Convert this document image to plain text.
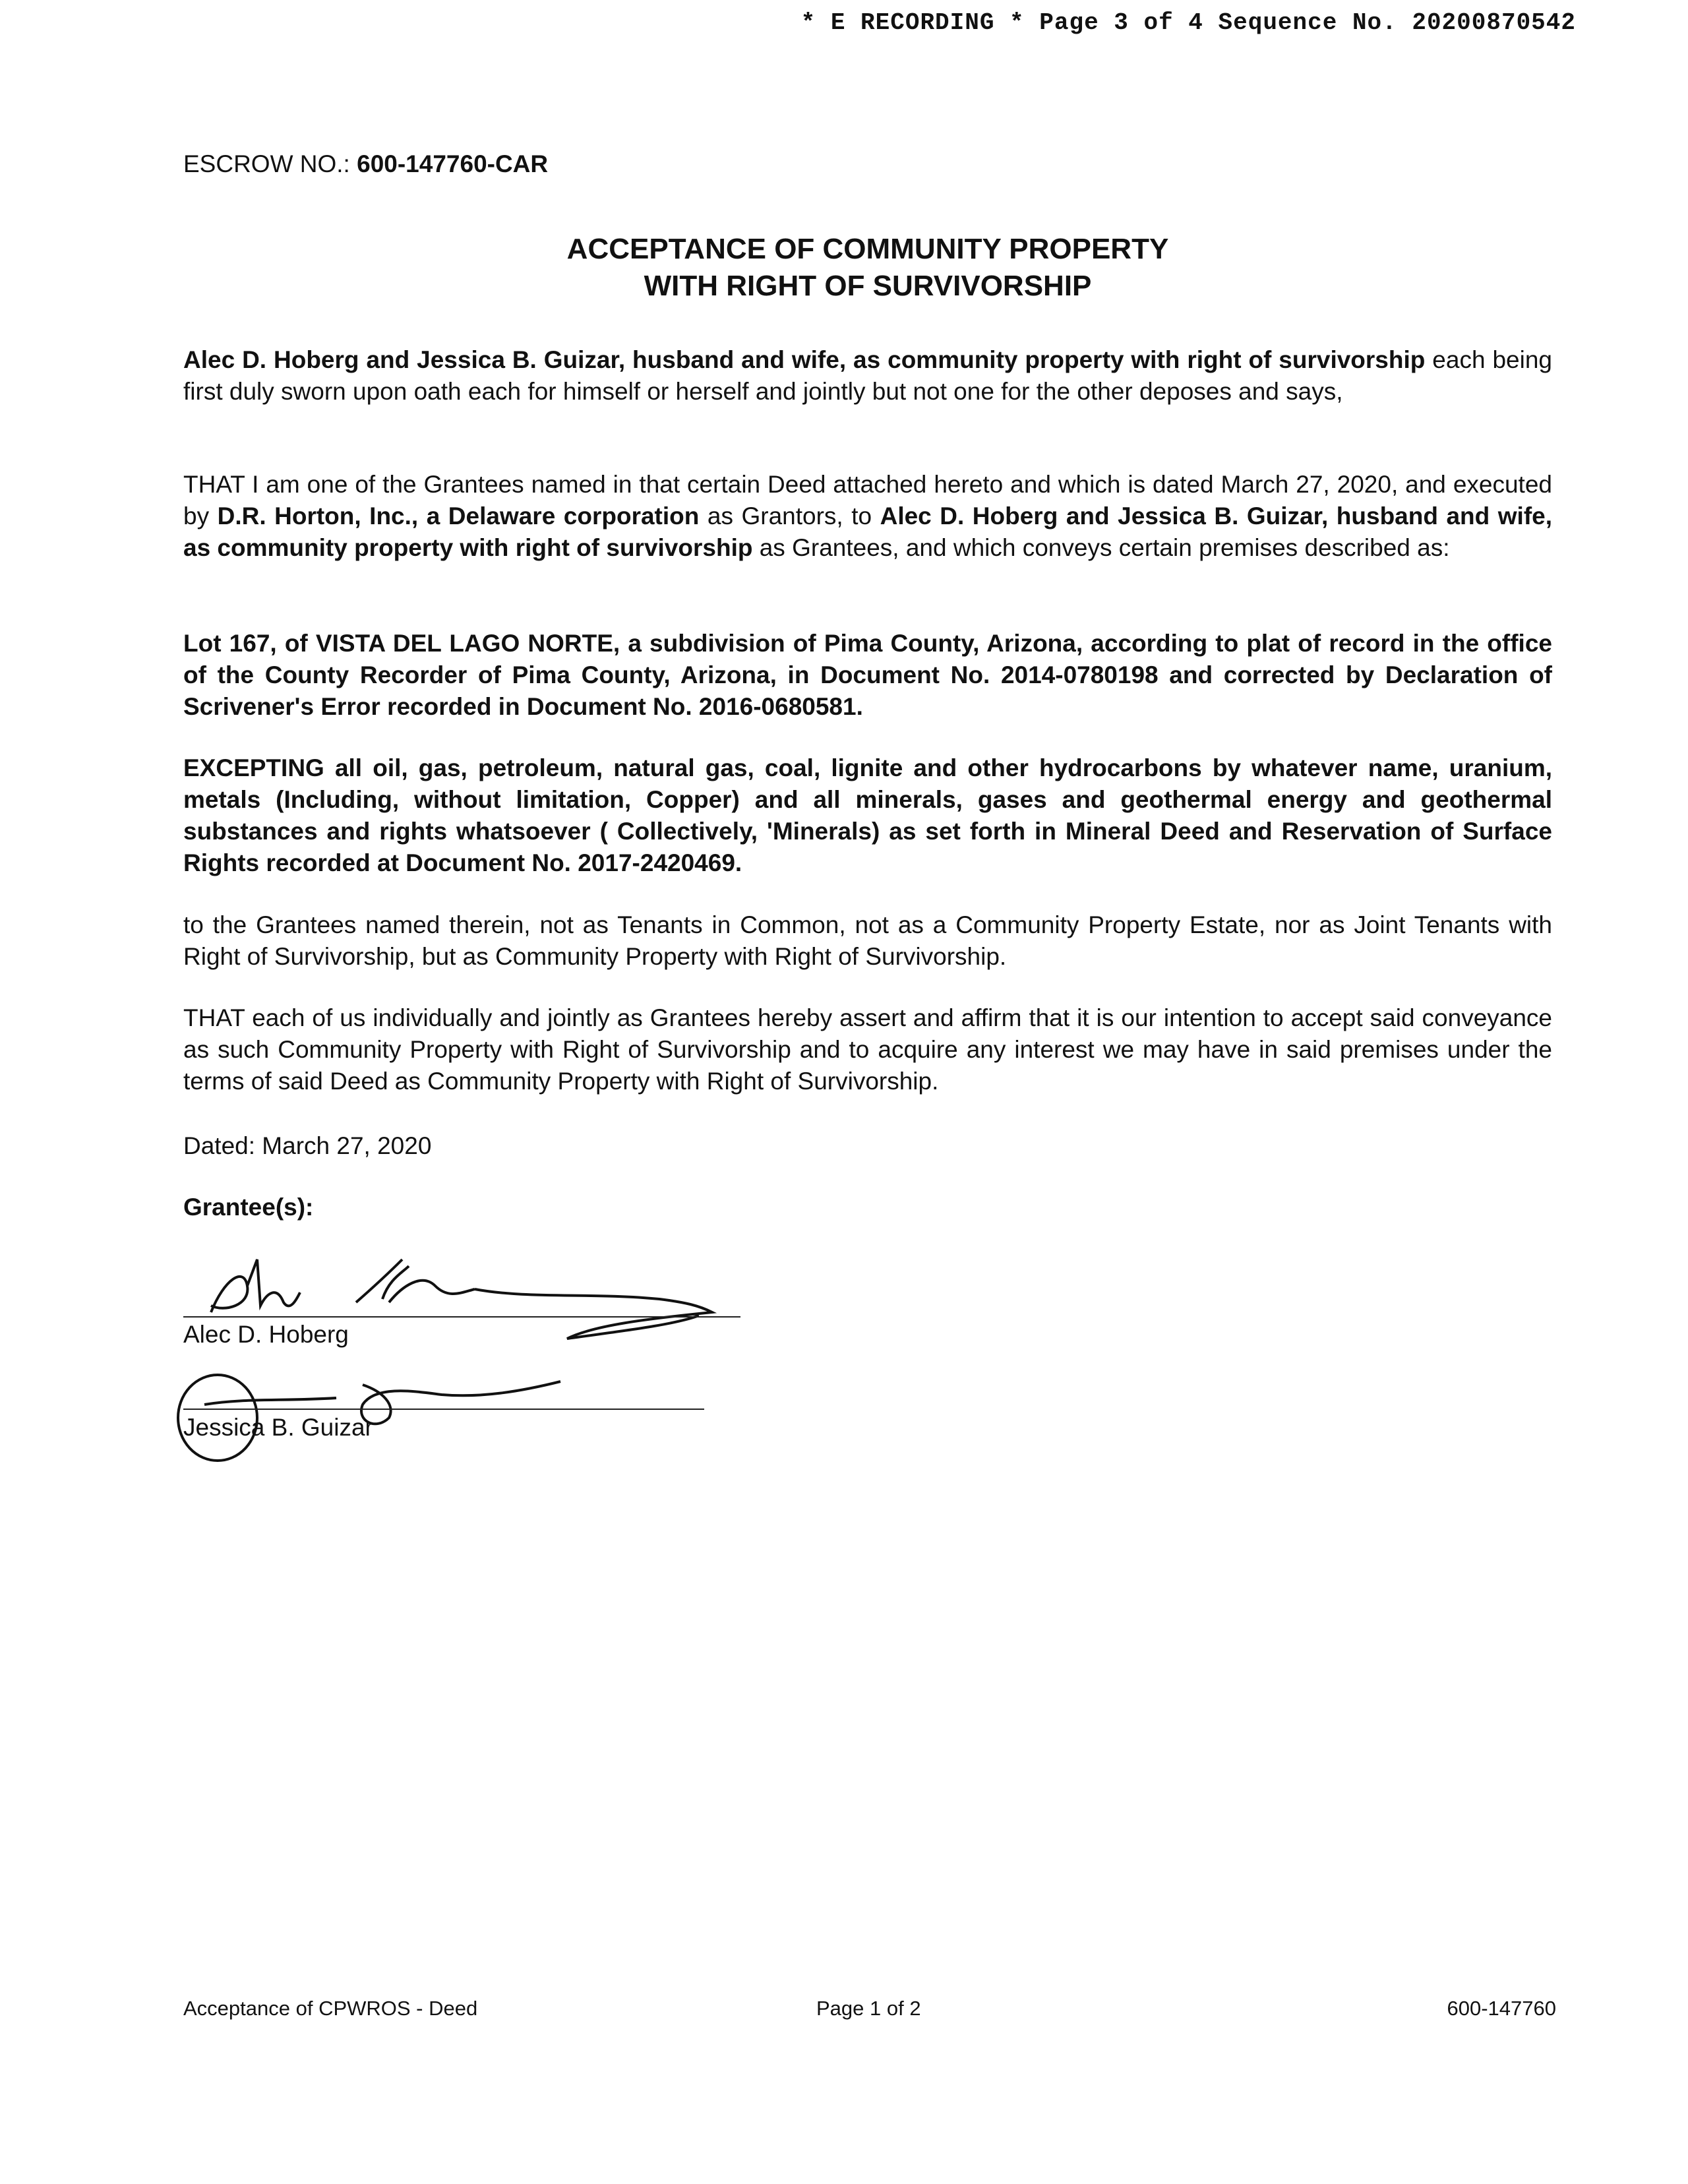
* E RECORDING * Page 3 of 4 Sequence No. 20200870542
ESCROW NO.: 600-147760-CAR
ACCEPTANCE OF COMMUNITY PROPERTY
WITH RIGHT OF SURVIVORSHIP
Alec D. Hoberg and Jessica B. Guizar, husband and wife, as community property with right of survivorship each being first duly sworn upon oath each for himself or herself and jointly but not one for the other deposes and says,
THAT I am one of the Grantees named in that certain Deed attached hereto and which is dated March 27, 2020, and executed by D.R. Horton, Inc., a Delaware corporation as Grantors, to Alec D. Hoberg and Jessica B. Guizar, husband and wife, as community property with right of survivorship as Grantees, and which conveys certain premises described as:
Lot 167, of VISTA DEL LAGO NORTE, a subdivision of Pima County, Arizona, according to plat of record in the office of the County Recorder of Pima County, Arizona, in Document No. 2014-0780198 and corrected by Declaration of Scrivener's Error recorded in Document No. 2016-0680581.
EXCEPTING all oil, gas, petroleum, natural gas, coal, lignite and other hydrocarbons by whatever name, uranium, metals (Including, without limitation, Copper) and all minerals, gases and geothermal energy and geothermal substances and rights whatsoever ( Collectively, 'Minerals) as set forth in Mineral Deed and Reservation of Surface Rights recorded at Document No. 2017-2420469.
to the Grantees named therein, not as Tenants in Common, not as a Community Property Estate, nor as Joint Tenants with Right of Survivorship, but as Community Property with Right of Survivorship.
THAT each of us individually and jointly as Grantees hereby assert and affirm that it is our intention to accept said conveyance as such Community Property with Right of Survivorship and to acquire any interest we may have in said premises under the terms of said Deed as Community Property with Right of Survivorship.
Dated: March 27, 2020
Grantee(s):
Alec D. Hoberg
Jessica B. Guizar
Acceptance of CPWROS - Deed	Page 1 of 2	600-147760
